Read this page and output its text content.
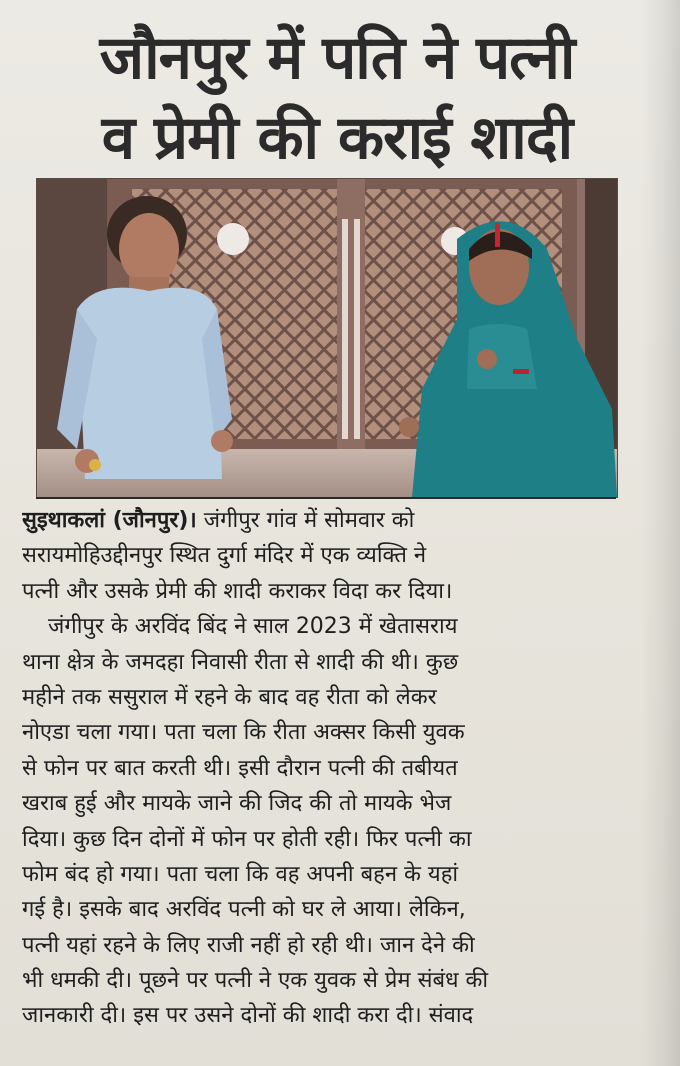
जौनपुर में पति ने पत्नी
व प्रेमी की कराई शादी
सुइथाकलां (जौनपुर)। जंगीपुर गांव में सोमवार को
सरायमोहिउद्दीनपुर स्थित दुर्गा मंदिर में एक व्यक्ति ने
पत्नी और उसके प्रेमी की शादी कराकर विदा कर दिया।
जंगीपुर के अरविंद बिंद ने साल 2023 में खेतासराय
थाना क्षेत्र के जमदहा निवासी रीता से शादी की थी। कुछ
महीने तक ससुराल में रहने के बाद वह रीता को लेकर
नोएडा चला गया। पता चला कि रीता अक्सर किसी युवक
से फोन पर बात करती थी। इसी दौरान पत्नी की तबीयत
खराब हुई और मायके जाने की जिद की तो मायके भेज
दिया। कुछ दिन दोनों में फोन पर होती रही। फिर पत्नी का
फोम बंद हो गया। पता चला कि वह अपनी बहन के यहां
गई है। इसके बाद अरविंद पत्नी को घर ले आया। लेकिन,
पत्नी यहां रहने के लिए राजी नहीं हो रही थी। जान देने की
भी धमकी दी। पूछने पर पत्नी ने एक युवक से प्रेम संबंध की
जानकारी दी। इस पर उसने दोनों की शादी करा दी। संवाद
